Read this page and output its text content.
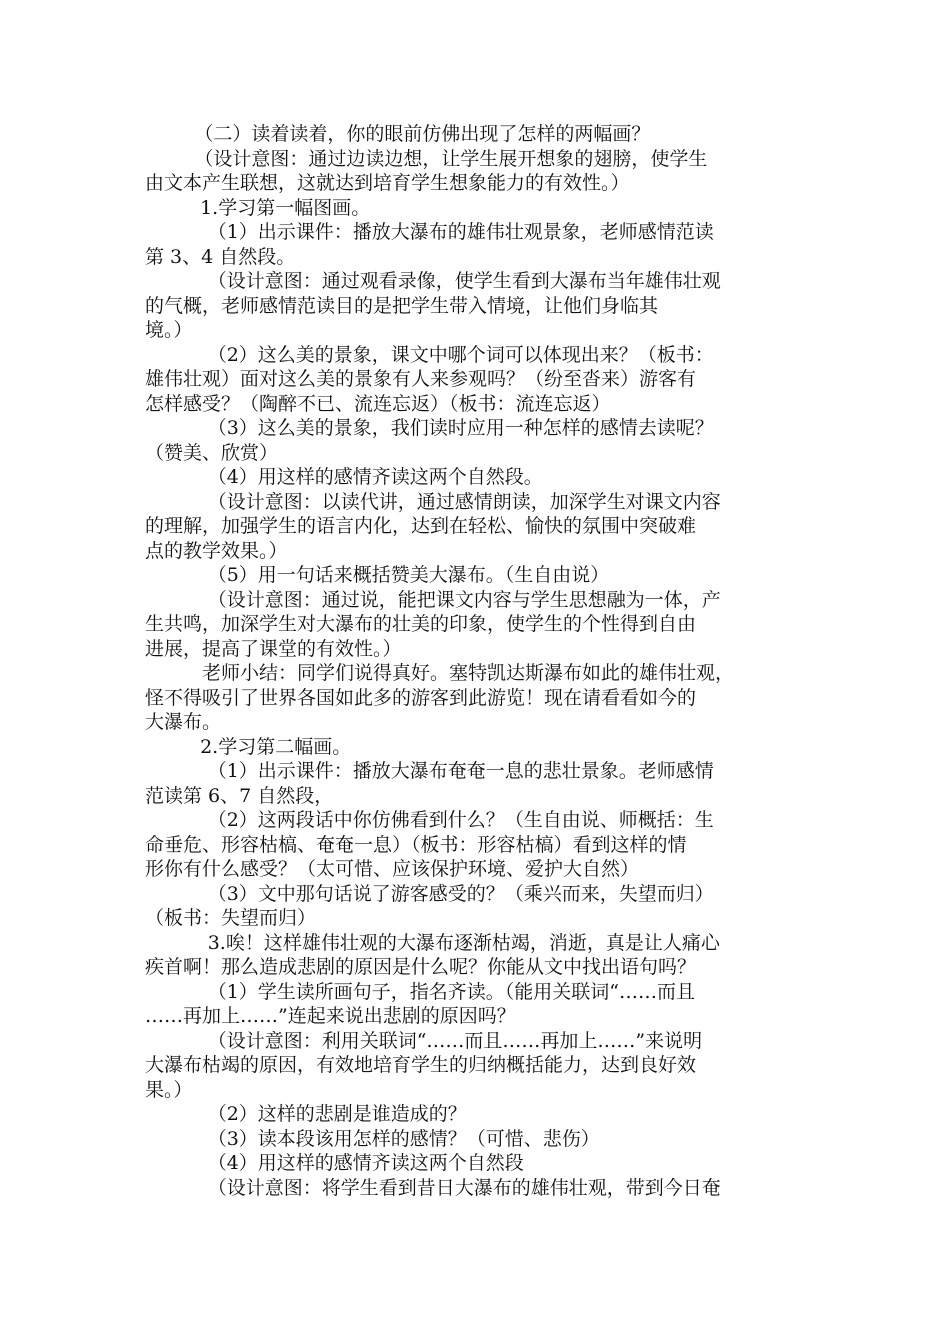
（二）读着读着，你的眼前仿佛出现了怎样的两幅画？
（设计意图：通过边读边想，让学生展开想象的翅膀，使学生
由文本产生联想，这就达到培育学生想象能力的有效性。）
1.学习第一幅图画。
（1）出示课件：播放大瀑布的雄伟壮观景象，老师感情范读
第 3、4 自然段。
（设计意图：通过观看录像，使学生看到大瀑布当年雄伟壮观
的气概，老师感情范读目的是把学生带入情境，让他们身临其
境。）
（2）这么美的景象，课文中哪个词可以体现出来？（板书：
雄伟壮观）面对这么美的景象有人来参观吗？（纷至沓来）游客有
怎样感受？（陶醉不已、流连忘返）（板书：流连忘返）
（3）这么美的景象，我们读时应用一种怎样的感情去读呢？
（赞美、欣赏）
（4）用这样的感情齐读这两个自然段。
（设计意图：以读代讲，通过感情朗读，加深学生对课文内容
的理解，加强学生的语言内化，达到在轻松、愉快的氛围中突破难
点的教学效果。）
（5）用一句话来概括赞美大瀑布。（生自由说）
（设计意图：通过说，能把课文内容与学生思想融为一体，产
生共鸣，加深学生对大瀑布的壮美的印象，使学生的个性得到自由
进展，提高了课堂的有效性。）
老师小结：同学们说得真好。塞特凯达斯瀑布如此的雄伟壮观，
怪不得吸引了世界各国如此多的游客到此游览！现在请看看如今的
大瀑布。
2.学习第二幅画。
（1）出示课件：播放大瀑布奄奄一息的悲壮景象。老师感情
范读第 6、7 自然段，
（2）这两段话中你仿佛看到什么？（生自由说、师概括：生
命垂危、形容枯槁、奄奄一息）（板书：形容枯槁）看到这样的情
形你有什么感受？（太可惜、应该保护环境、爱护大自然）
（3）文中那句话说了游客感受的？（乘兴而来，失望而归）
（板书：失望而归）
3.唉！这样雄伟壮观的大瀑布逐渐枯竭，消逝，真是让人痛心
疾首啊！那么造成悲剧的原因是什么呢？你能从文中找出语句吗？
（1）学生读所画句子，指名齐读。（能用关联词“……而且
……再加上……”连起来说出悲剧的原因吗？
（设计意图：利用关联词“……而且……再加上……”来说明
大瀑布枯竭的原因，有效地培育学生的归纳概括能力，达到良好效
果。）
（2）这样的悲剧是谁造成的？
（3）读本段该用怎样的感情？（可惜、悲伤）
（4）用这样的感情齐读这两个自然段
（设计意图：将学生看到昔日大瀑布的雄伟壮观，带到今日奄
